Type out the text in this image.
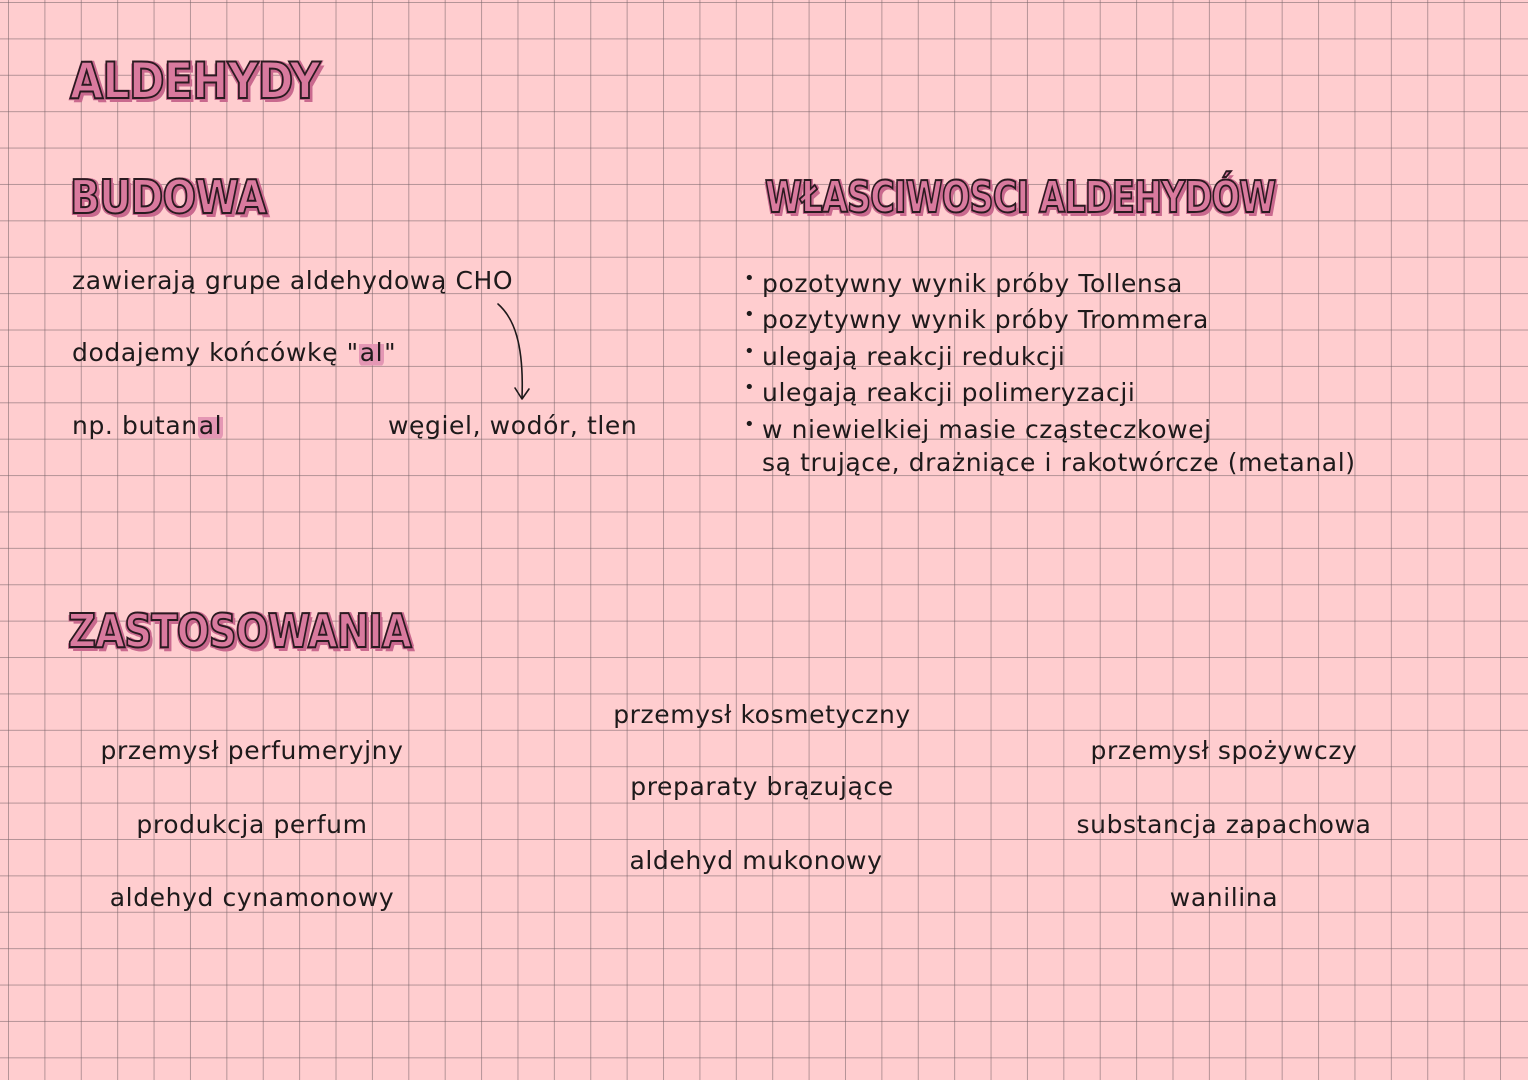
ALDEHYDY
BUDOWA
zawierają grupe aldehydową CHO
dodajemy końcówkę "al"
np. butanal	węgiel, wodór, tlen
WŁASCIWOSCI ALDEHYDÓW
• pozotywny wynik próby Tollensa
• pozytywny wynik próby Trommera
• ulegają reakcji redukcji
• ulegają reakcji polimeryzacji
• w niewielkiej masie cząsteczkowej
są trujące, drażniące i rakotwórcze (metanal)
ZASTOSOWANIA
przemysł perfumeryjny
produkcja perfum
aldehyd cynamonowy
przemysł kosmetyczny
preparaty brązujące
aldehyd mukonowy
przemysł spożywczy
substancja zapachowa
wanilina
